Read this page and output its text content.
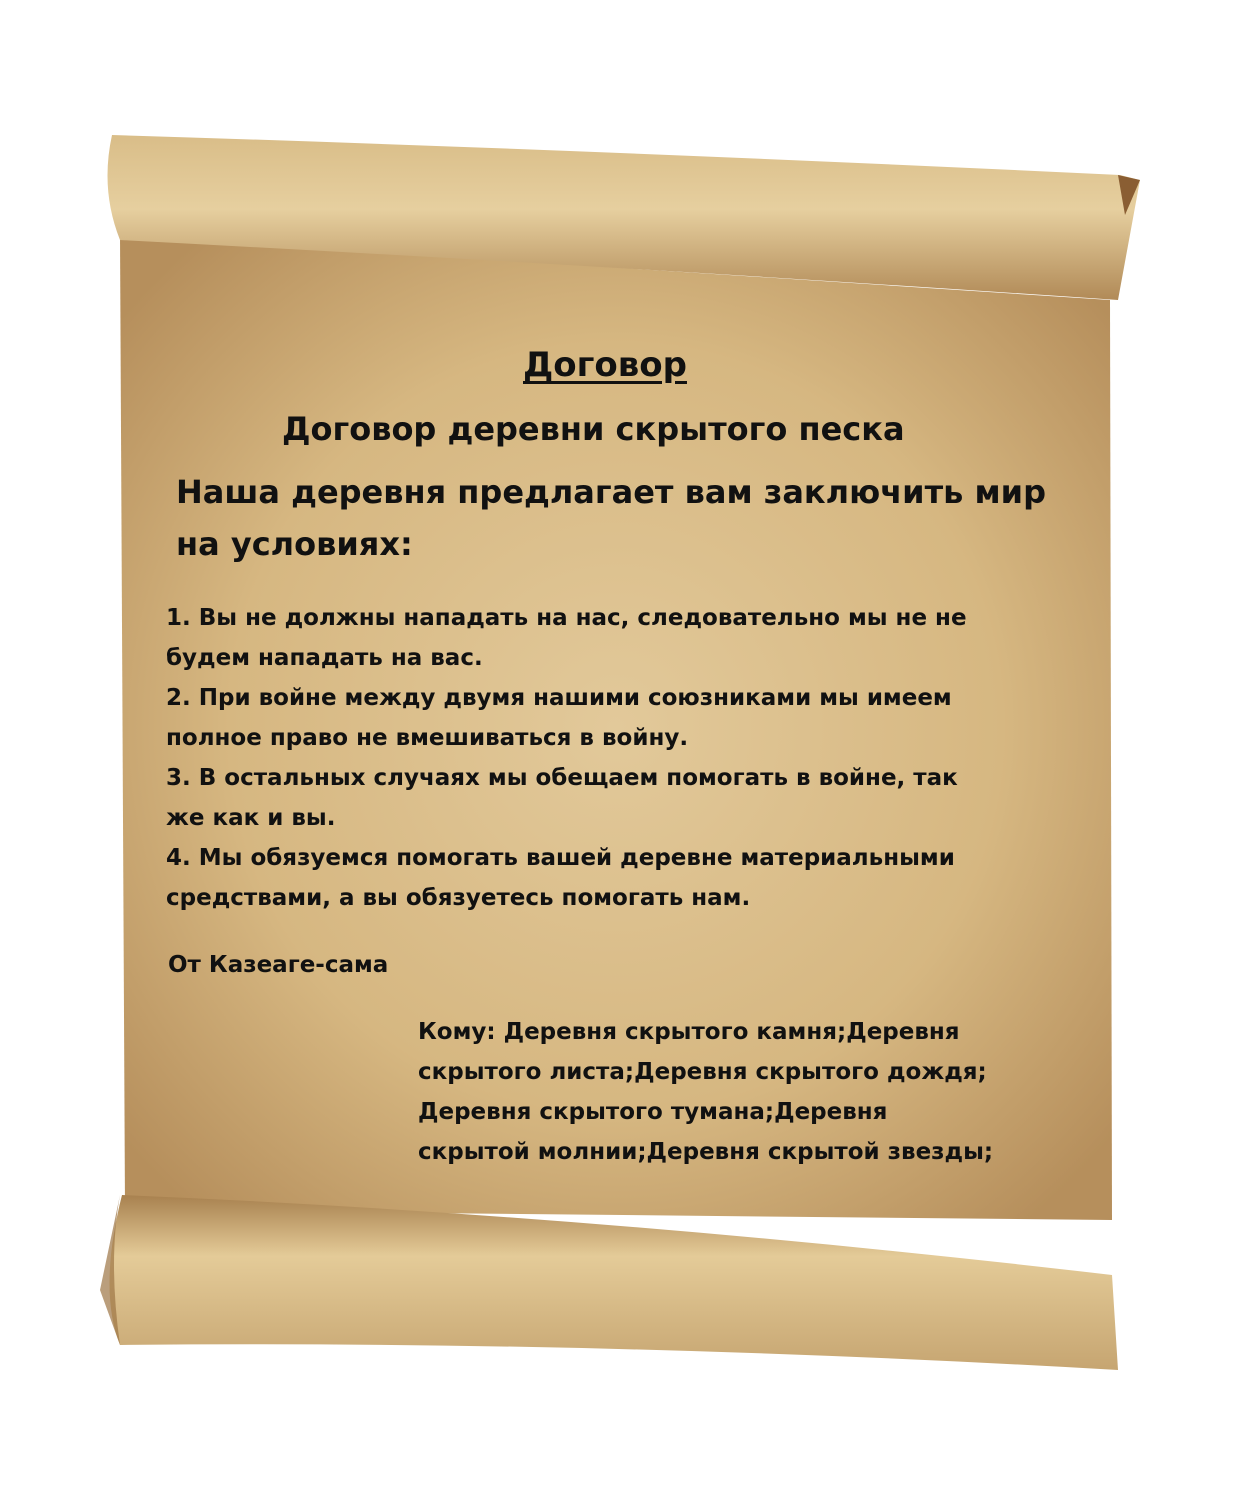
Договор

Договор деревни скрытого песка

Наша деревня предлагает вам заключить мир
на условиях:
1. Вы не должны нападать на нас, следовательно мы не не
будем нападать на вас.
2. При войне между двумя нашими союзниками мы имеем
полное право не вмешиваться в войну.
3. В остальных случаях мы обещаем помогать в войне, так
же как и вы.
4. Мы обязуемся помогать вашей деревне материальными
средствами, а вы обязуетесь помогать нам.

От Казеаге-сама

Кому: Деревня скрытого камня;Деревня
скрытого листа;Деревня скрытого дождя;
Деревня скрытого тумана;Деревня
скрытой молнии;Деревня скрытой звезды;
